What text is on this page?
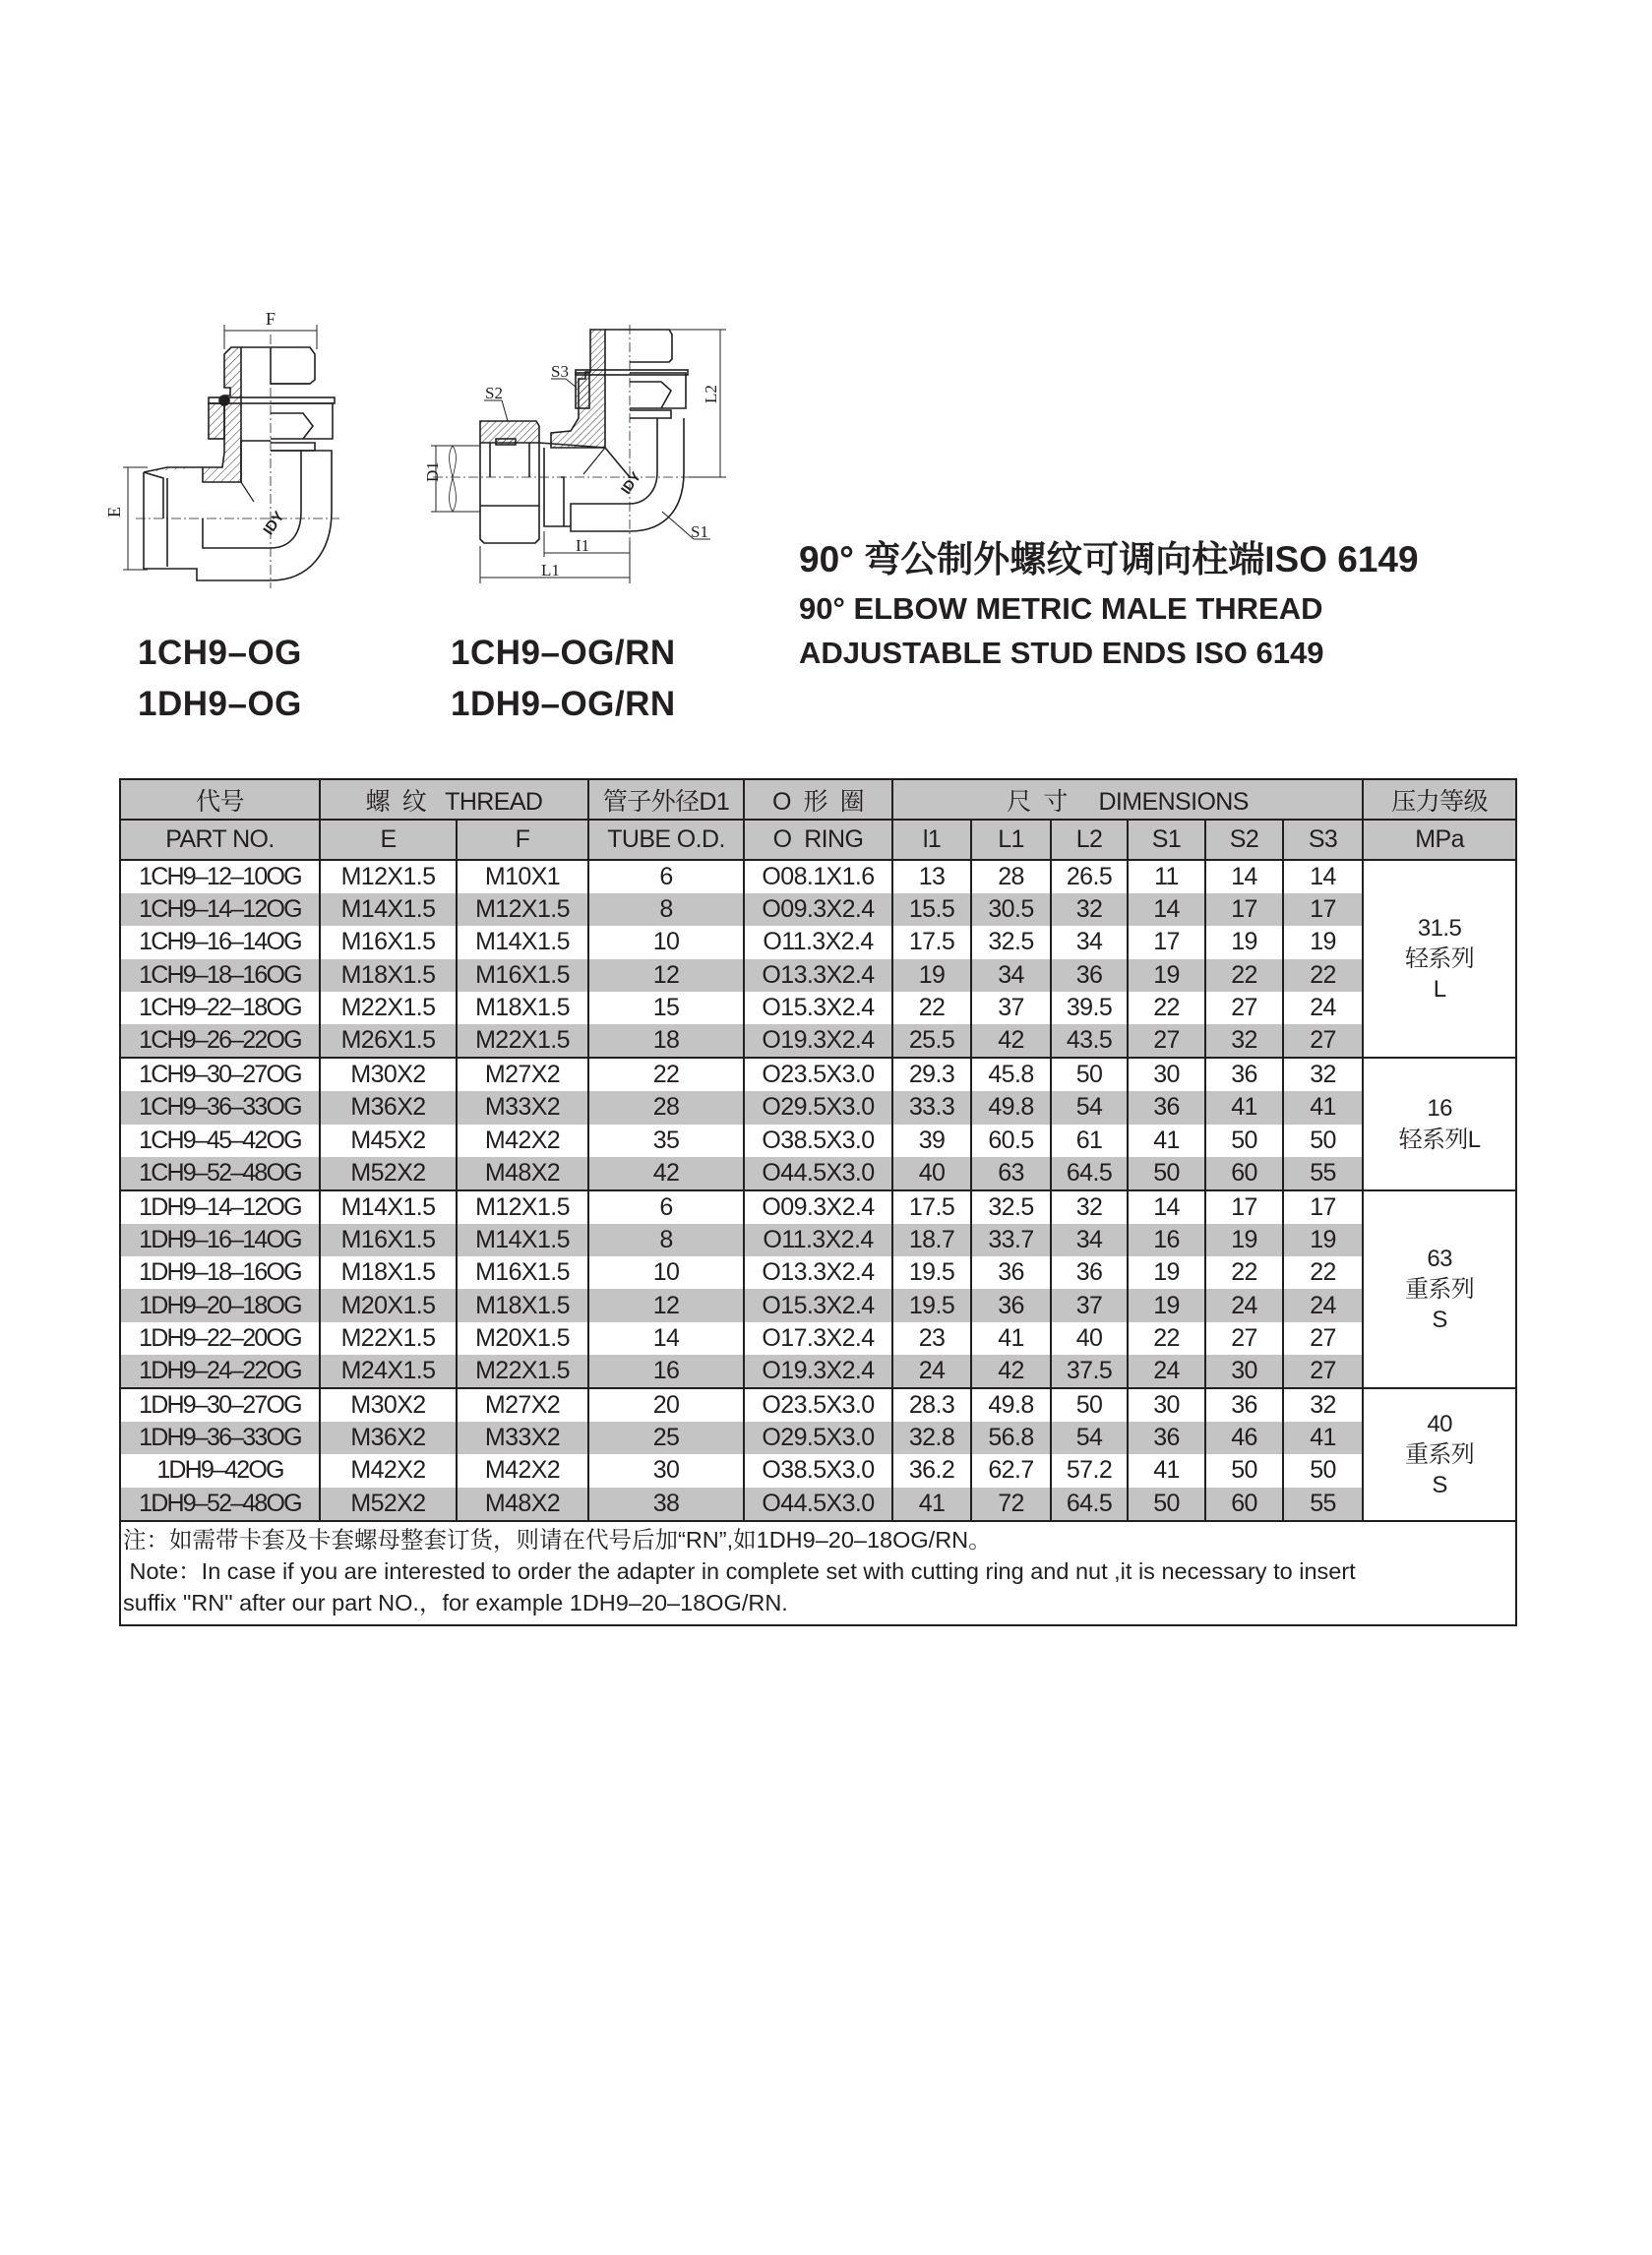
F
E	IDY
S2
S3
L2
D1
I1
L1
S1
IDY
1CH9–OG
1DH9–OG
1CH9–OG/RN
1DH9–OG/RN
90° 弯公制外螺纹可调向柱端ISO 6149
90° ELBOW METRIC MALE THREAD
ADJUSTABLE STUD ENDS ISO 6149
代号	螺  纹   THREAD		管子外径D1	O  形  圈	尺  寸     DIMENSIONS						压力等级
PART NO.	E	F	TUBE O.D.	O  RING	l1	L1	L2	S1	S2	S3	MPa
1CH9–12–10OG	M12X1.5	M10X1	6	O08.1X1.6	13	28	26.5	11	14	14	31.5
轻系列
L

1CH9–14–12OG	M14X1.5	M12X1.5	8	O09.3X2.4	15.5	30.5	32	14	17	17	
1CH9–16–14OG	M16X1.5	M14X1.5	10	O11.3X2.4	17.5	32.5	34	17	19	19	
1CH9–18–16OG	M18X1.5	M16X1.5	12	O13.3X2.4	19	34	36	19	22	22	
1CH9–22–18OG	M22X1.5	M18X1.5	15	O15.3X2.4	22	37	39.5	22	27	24	
1CH9–26–22OG	M26X1.5	M22X1.5	18	O19.3X2.4	25.5	42	43.5	27	32	27	
1CH9–30–27OG	M30X2	M27X2	22	O23.5X3.0	29.3	45.8	50	30	36	32	16
轻系列L

1CH9–36–33OG	M36X2	M33X2	28	O29.5X3.0	33.3	49.8	54	36	41	41	
1CH9–45–42OG	M45X2	M42X2	35	O38.5X3.0	39	60.5	61	41	50	50	
1CH9–52–48OG	M52X2	M48X2	42	O44.5X3.0	40	63	64.5	50	60	55	
1DH9–14–12OG	M14X1.5	M12X1.5	6	O09.3X2.4	17.5	32.5	32	14	17	17	63
重系列
S

1DH9–16–14OG	M16X1.5	M14X1.5	8	O11.3X2.4	18.7	33.7	34	16	19	19	
1DH9–18–16OG	M18X1.5	M16X1.5	10	O13.3X2.4	19.5	36	36	19	22	22	
1DH9–20–18OG	M20X1.5	M18X1.5	12	O15.3X2.4	19.5	36	37	19	24	24	
1DH9–22–20OG	M22X1.5	M20X1.5	14	O17.3X2.4	23	41	40	22	27	27	
1DH9–24–22OG	M24X1.5	M22X1.5	16	O19.3X2.4	24	42	37.5	24	30	27	
1DH9–30–27OG	M30X2	M27X2	20	O23.5X3.0	28.3	49.8	50	30	36	32	40
重系列
S

1DH9–36–33OG	M36X2	M33X2	25	O29.5X3.0	32.8	56.8	54	36	46	41	
1DH9–42OG	M42X2	M42X2	30	O38.5X3.0	36.2	62.7	57.2	41	50	50	
1DH9–52–48OG	M52X2	M48X2	38	O44.5X3.0	41	72	64.5	50	60	55	

注：如需带卡套及卡套螺母整套订货，则请在代号后加“RN”,如1DH9–20–18OG/RN。
Note：In case if you are interested to order the adapter in complete set with cutting ring and nut ,it is necessary to insert
suffix "RN" after our part NO.，for example 1DH9–20–18OG/RN.											
